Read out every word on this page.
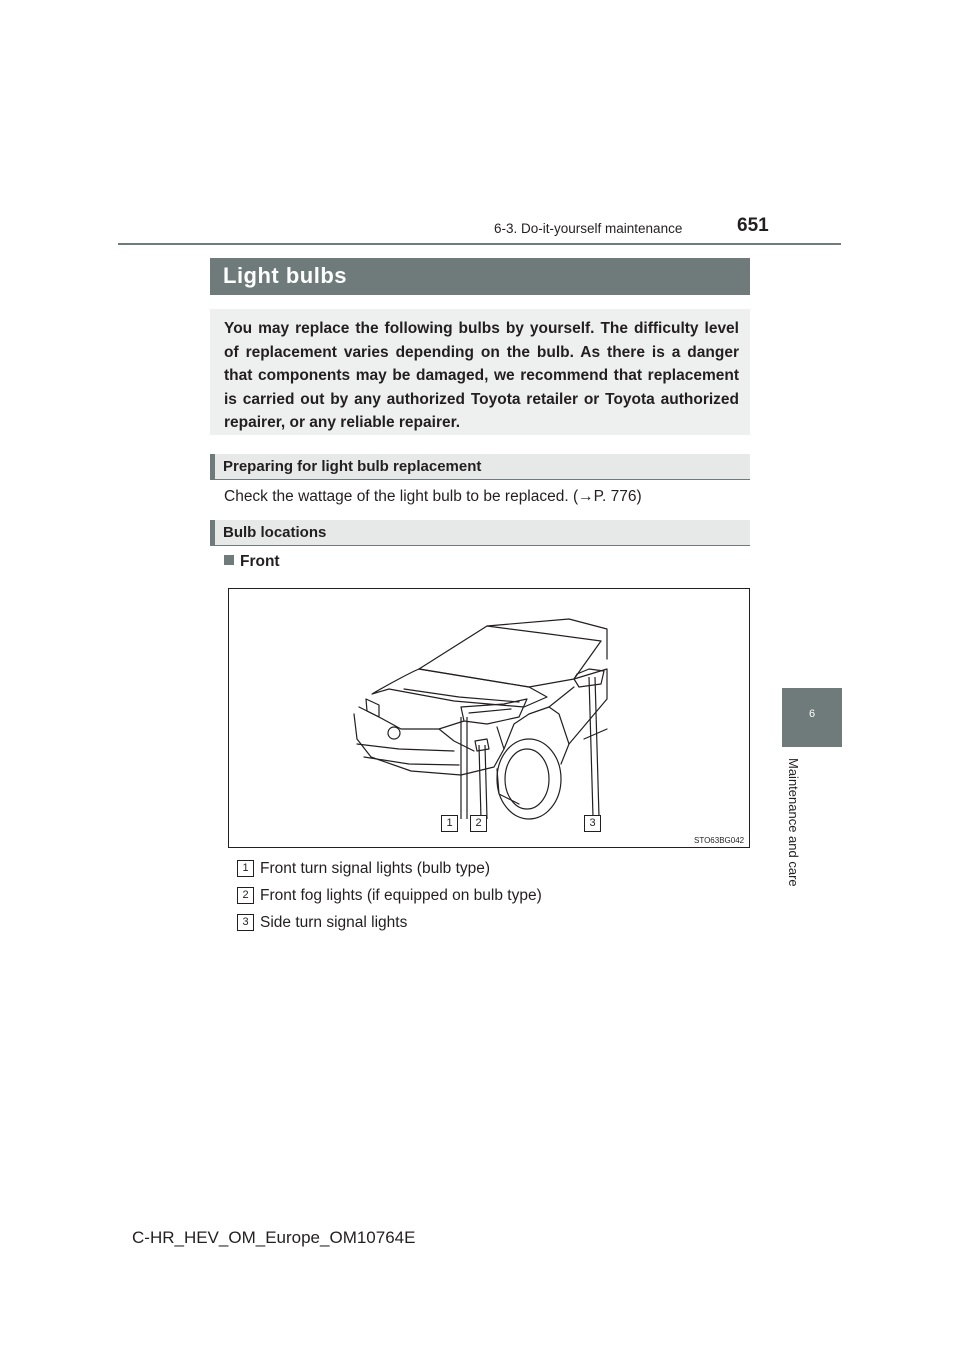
6-3. Do-it-yourself maintenance	651
6
Maintenance and care
Light bulbs
You may replace the following bulbs by yourself. The difficulty level of replacement varies depending on the bulb. As there is a danger that components may be damaged, we recommend that replacement is carried out by any authorized Toyota retailer or Toyota authorized repairer, or any reliable repairer.
Preparing for light bulb replacement
Check the wattage of the light bulb to be replaced. (→P. 776)
Bulb locations
Front
1	2	3
STO63BG042
1 Front turn signal lights (bulb type)
2 Front fog lights (if equipped on bulb type)
3 Side turn signal lights
C-HR_HEV_OM_Europe_OM10764E
